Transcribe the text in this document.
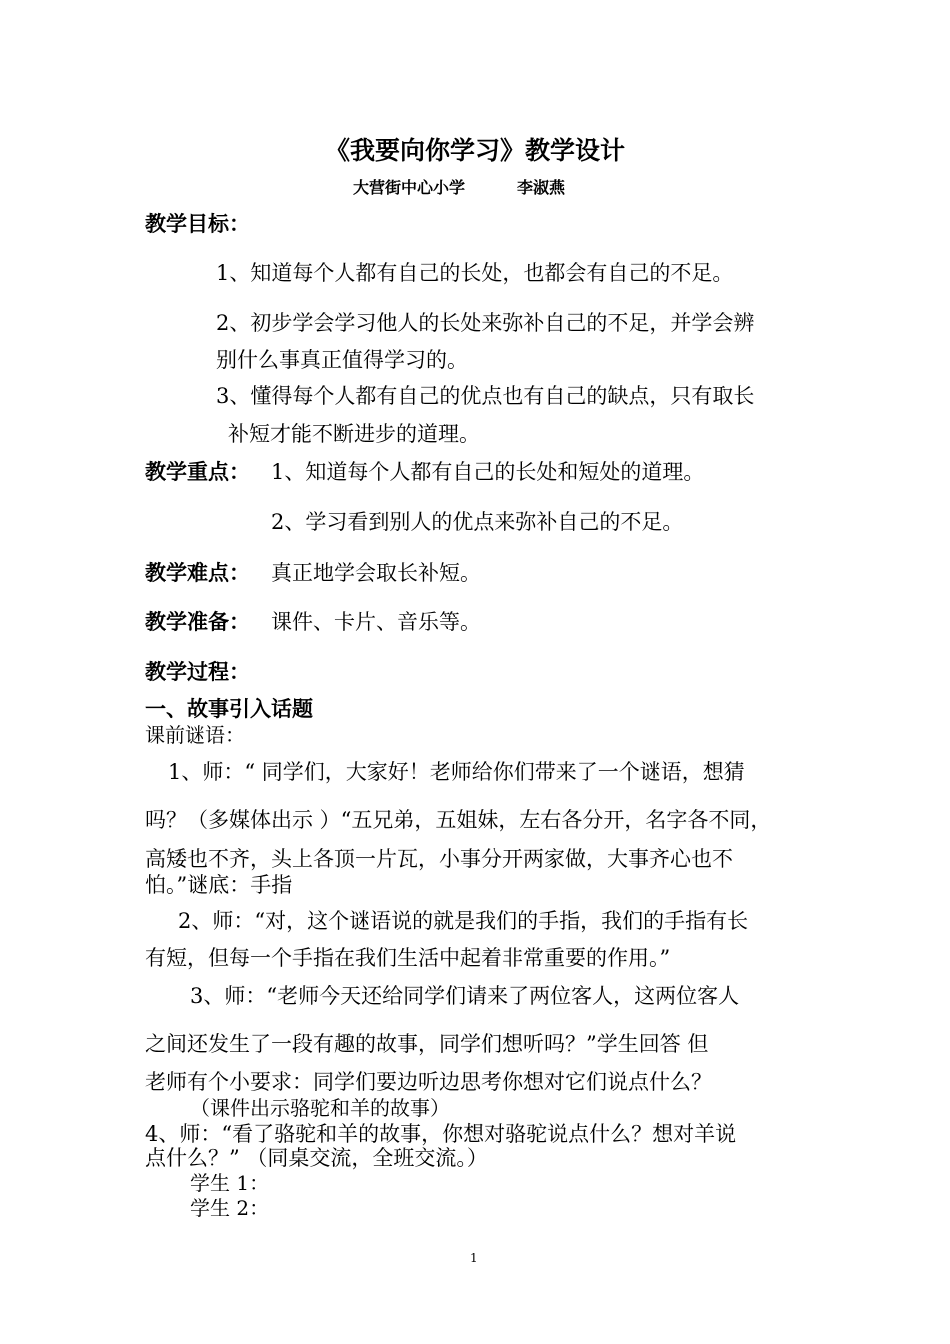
《我要向你学习》教学设计
大营街中心小学	李淑燕
教学目标：
1、知道每个人都有自己的长处，也都会有自己的不足。
2、初步学会学习他人的长处来弥补自己的不足，并学会辨
别什么事真正值得学习的。
3、懂得每个人都有自己的优点也有自己的缺点，只有取长
补短才能不断进步的道理。
教学重点： 1、知道每个人都有自己的长处和短处的道理。
2、学习看到别人的优点来弥补自己的不足。
教学难点： 真正地学会取长补短。
教学准备： 课件、卡片、音乐等。
教学过程：
一、故事引入话题
课前谜语：
1、师：“ 同学们，大家好！老师给你们带来了一个谜语，想猜
吗？（多媒体出示 ）“五兄弟，五姐妹，左右各分开，名字各不同，
高矮也不齐，头上各顶一片瓦，小事分开两家做，大事齐心也不
怕。”谜底：手指
2、师：“对，这个谜语说的就是我们的手指，我们的手指有长
有短，但每一个手指在我们生活中起着非常重要的作用。”
3、师：“老师今天还给同学们请来了两位客人，这两位客人
之间还发生了一段有趣的故事，同学们想听吗？”学生回答 但
老师有个小要求：同学们要边听边思考你想对它们说点什么？
（课件出示骆驼和羊的故事）
4、师：“看了骆驼和羊的故事，你想对骆驼说点什么？想对羊说
点什么？” （同桌交流，全班交流。）
学生 1：
学生 2：
1
